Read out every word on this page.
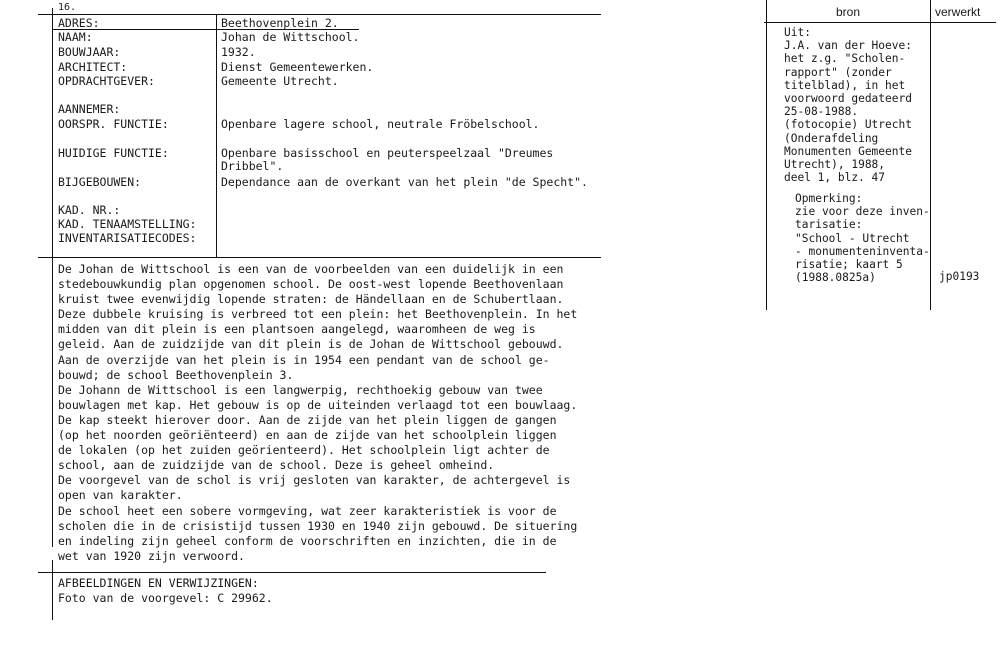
16.
ADRES:	Beethovenplein 2.
NAAM:	Johan de Wittschool.
BOUWJAAR:	1932.
ARCHITECT:	Dienst Gemeentewerken.
OPDRACHTGEVER:	Gemeente Utrecht.
AANNEMER:
OORSPR. FUNCTIE:	Openbare lagere school, neutrale Fröbelschool.
HUIDIGE FUNCTIE:	Openbare basisschool en peuterspeelzaal "Dreumes
Dribbel".
BIJGEBOUWEN:	Dependance aan de overkant van het plein "de Specht".
KAD. NR.:
KAD. TENAAMSTELLING:
INVENTARISATIECODES:
De Johan de Wittschool is een van de voorbeelden van een duidelijk in een
stedebouwkundig plan opgenomen school. De oost-west lopende Beethovenlaan
kruist twee evenwijdig lopende straten: de Händellaan en de Schubertlaan.
Deze dubbele kruising is verbreed tot een plein: het Beethovenplein. In het
midden van dit plein is een plantsoen aangelegd, waaromheen de weg is
geleid. Aan de zuidzijde van dit plein is de Johan de Wittschool gebouwd.
Aan de overzijde van het plein is in 1954 een pendant van de school ge-
bouwd; de school Beethovenplein 3.
De Johann de Wittschool is een langwerpig, rechthoekig gebouw van twee
bouwlagen met kap. Het gebouw is op de uiteinden verlaagd tot een bouwlaag.
De kap steekt hierover door. Aan de zijde van het plein liggen de gangen
(op het noorden geöriënteerd) en aan de zijde van het schoolplein liggen
de lokalen (op het zuiden geörienteerd). Het schoolplein ligt achter de
school, aan de zuidzijde van de school. Deze is geheel omheind.
De voorgevel van de schol is vrij gesloten van karakter, de achtergevel is
open van karakter.
De school heet een sobere vormgeving, wat zeer karakteristiek is voor de
scholen die in de crisistijd tussen 1930 en 1940 zijn gebouwd. De situering
en indeling zijn geheel conform de voorschriften en inzichten, die in de
wet van 1920 zijn verwoord.
AFBEELDINGEN EN VERWIJZINGEN:
Foto van de voorgevel: C 29962.
bron	verwerkt
Uit:
J.A. van der Hoeve:
het z.g. "Scholen-
rapport" (zonder
titelblad), in het
voorwoord gedateerd
25-08-1988.
(fotocopie) Utrecht
(Onderafdeling
Monumenten Gemeente
Utrecht), 1988,
deel 1, blz. 47
Opmerking:
zie voor deze inven-
tarisatie:
"School - Utrecht
- monumenteninventa-
risatie; kaart 5
(1988.0825a)	jp0193
